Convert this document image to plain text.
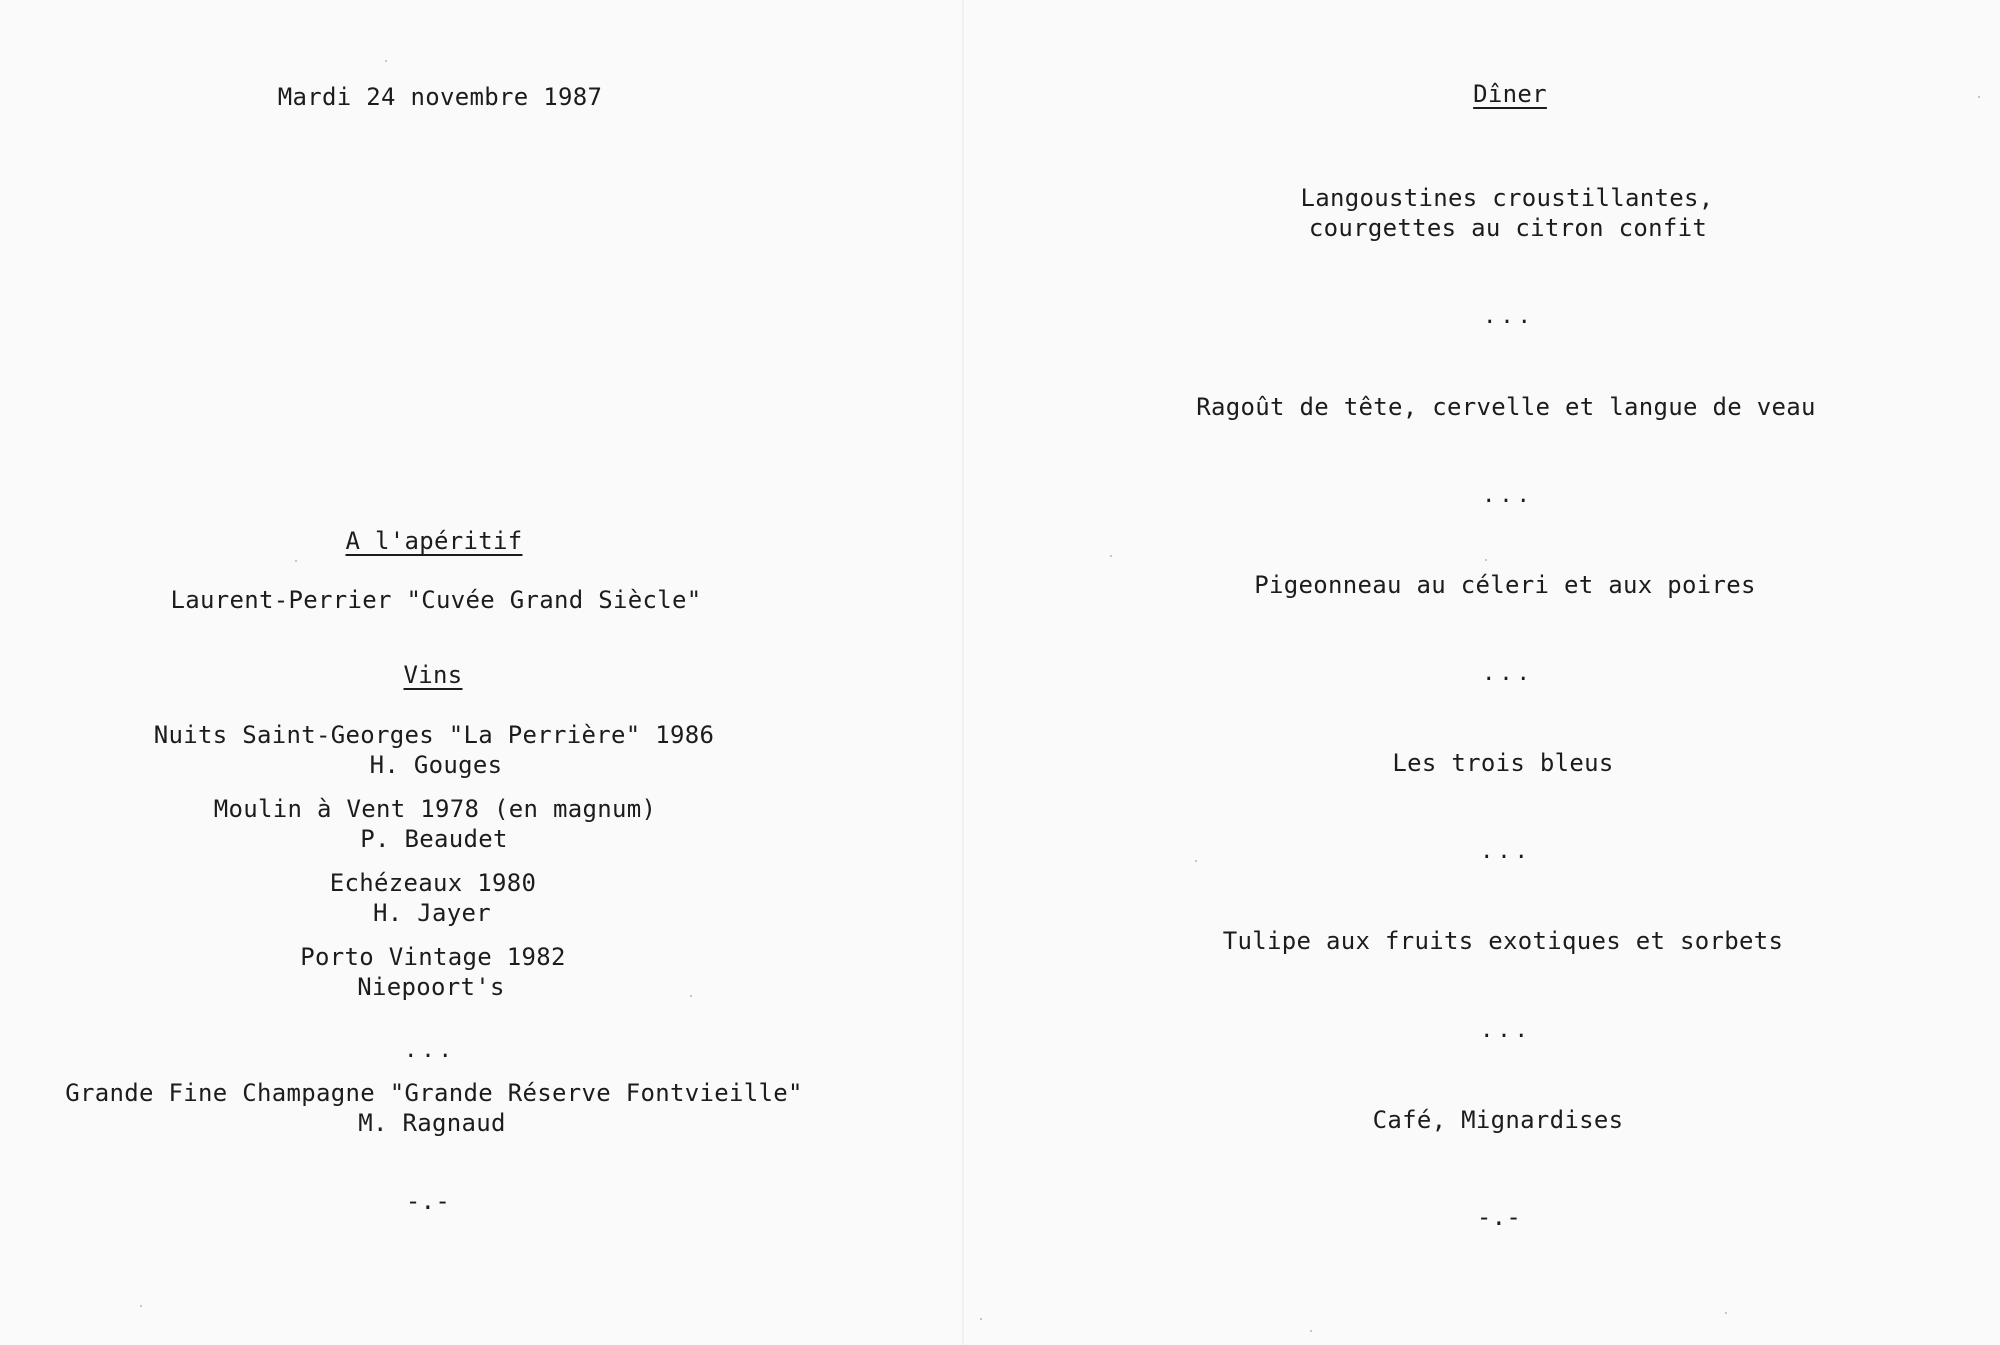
Mardi 24 novembre 1987
A l'apéritif
Laurent-Perrier "Cuvée Grand Siècle"
Vins
Nuits Saint-Georges "La Perrière" 1986
H. Gouges
Moulin à Vent 1978 (en magnum)
P. Beaudet
Echézeaux 1980
H. Jayer
Porto Vintage 1982
Niepoort's
...
Grande Fine Champagne "Grande Réserve Fontvieille"
M. Ragnaud
-.-
Dîner
Langoustines croustillantes,
courgettes au citron confit
...
Ragoût de tête, cervelle et langue de veau
...
Pigeonneau au céleri et aux poires
...
Les trois bleus
...
Tulipe aux fruits exotiques et sorbets
...
Café, Mignardises
-.-
